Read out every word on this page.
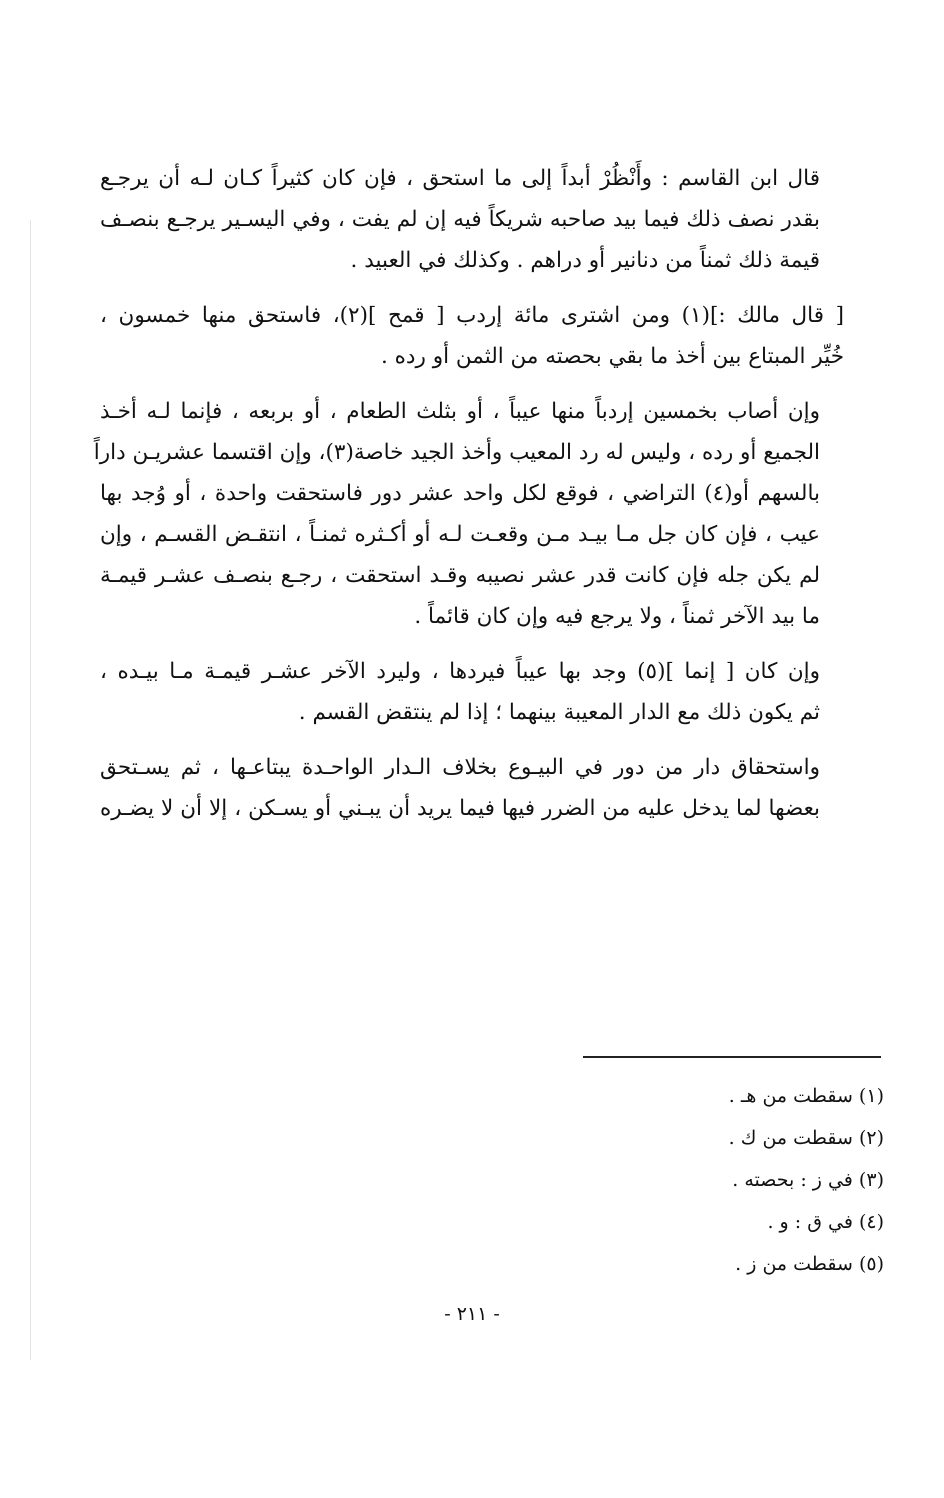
قال ابن القاسم : وأَنْظُرْ أبداً إلى ما استحق ، فإن كان كثيراً كـان لـه أن يرجـع
بقدر نصف ذلك فيما بيد صاحبه شريكاً فيه إن لم يفت ، وفي اليسـير يرجـع بنصـف
قيمة ذلك ثمناً من دنانير أو دراهم . وكذلك في العبيد .

[ قال مالك :](١) ومن اشترى مائة إردب [ قمح ](٢)، فاستحق منها خمسون ،
خُيِّر المبتاع بين أخذ ما بقي بحصته من الثمن أو رده .

وإن أصاب بخمسين إردباً منها عيباً ، أو بثلث الطعام ، أو بربعه ، فإنما لـه أخـذ
الجميع أو رده ، وليس له رد المعيب وأخذ الجيد خاصة(٣)، وإن اقتسما عشريـن داراً
بالسهم أو(٤) التراضي ، فوقع لكل واحد عشر دور فاستحقت واحدة ، أو وُجد بها
عيب ، فإن كان جل مـا بيـد مـن وقعـت لـه أو أكـثره ثمنـاً ، انتقـض القسـم ، وإن
لم يكن جله فإن كانت قدر عشر نصيبه وقـد استحقت ، رجـع بنصـف عشـر قيمـة
ما بيد الآخر ثمناً ، ولا يرجع فيه وإن كان قائماً .

وإن كان [ إنما ](٥) وجد بها عيباً فيردها ، وليرد الآخر عشـر قيمـة مـا بيـده ،
ثم يكون ذلك مع الدار المعيبة بينهما ؛ إذا لم ينتقض القسم .

واستحقاق دار من دور في البيـوع بخلاف الـدار الواحـدة يبتاعـها ، ثم يسـتحق
بعضها لما يدخل عليه من الضرر فيها فيما يريد أن يبـني أو يسـكن ، إلا أن لا يضـره

(١) سقطت من هـ .
(٢) سقطت من ك .
(٣) في ز : بحصته .
(٤) في ق : و .
(٥) سقطت من ز .
- ٢١١ -
